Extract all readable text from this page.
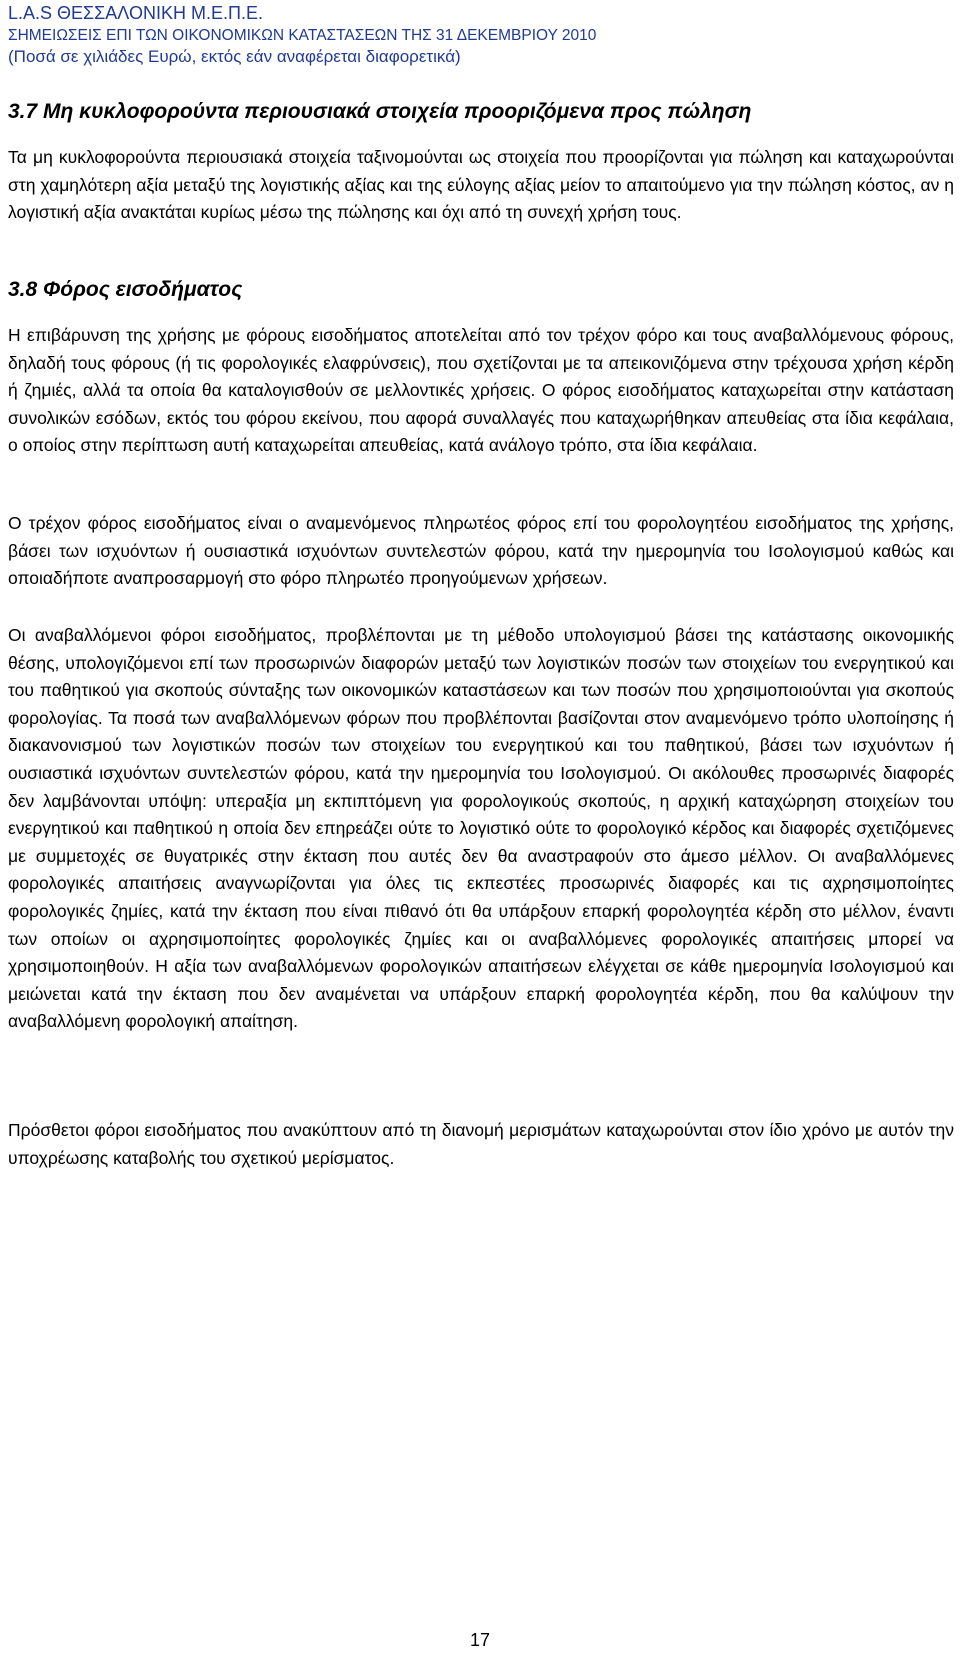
L.A.S ΘΕΣΣΑΛΟΝΙΚΗ Μ.Ε.Π.Ε.
ΣΗΜΕΙΩΣΕΙΣ ΕΠΙ ΤΩΝ ΟΙΚΟΝΟΜΙΚΩΝ ΚΑΤΑΣΤΑΣΕΩΝ ΤΗΣ 31 ΔΕΚΕΜΒΡΙΟΥ 2010
(Ποσά σε χιλιάδες Ευρώ, εκτός εάν αναφέρεται διαφορετικά)
3.7 Μη κυκλοφορούντα περιουσιακά στοιχεία προοριζόμενα προς πώληση
Τα μη κυκλοφορούντα περιουσιακά στοιχεία ταξινομούνται ως στοιχεία που προορίζονται για πώληση και καταχωρούνται στη χαμηλότερη αξία μεταξύ της λογιστικής αξίας και της εύλογης αξίας μείον το απαιτούμενο για την πώληση κόστος, αν η λογιστική αξία ανακτάται κυρίως μέσω της πώλησης και όχι από τη συνεχή χρήση τους.
3.8 Φόρος εισοδήματος
Η επιβάρυνση της χρήσης με φόρους εισοδήματος αποτελείται από τον τρέχον φόρο και τους αναβαλλόμενους φόρους, δηλαδή τους φόρους (ή τις φορολογικές ελαφρύνσεις), που σχετίζονται με τα απεικονιζόμενα στην τρέχουσα χρήση κέρδη ή ζημιές, αλλά τα οποία θα καταλογισθούν σε μελλοντικές χρήσεις. Ο φόρος εισοδήματος καταχωρείται στην κατάσταση συνολικών εσόδων, εκτός του φόρου εκείνου, που αφορά συναλλαγές που καταχωρήθηκαν απευθείας στα ίδια κεφάλαια, ο οποίος στην περίπτωση αυτή καταχωρείται απευθείας, κατά ανάλογο τρόπο, στα ίδια κεφάλαια.
Ο τρέχον φόρος εισοδήματος είναι ο αναμενόμενος πληρωτέος φόρος επί του φορολογητέου εισοδήματος της χρήσης, βάσει των ισχυόντων ή ουσιαστικά ισχυόντων συντελεστών φόρου, κατά την ημερομηνία του Ισολογισμού καθώς και οποιαδήποτε αναπροσαρμογή στο φόρο πληρωτέο προηγούμενων χρήσεων.
Οι αναβαλλόμενοι φόροι εισοδήματος, προβλέπονται με τη μέθοδο υπολογισμού βάσει της κατάστασης οικονομικής θέσης, υπολογιζόμενοι επί των προσωρινών διαφορών μεταξύ των λογιστικών ποσών των στοιχείων του ενεργητικού και του παθητικού για σκοπούς σύνταξης των οικονομικών καταστάσεων και των ποσών που χρησιμοποιούνται για σκοπούς φορολογίας. Τα ποσά των αναβαλλόμενων φόρων που προβλέπονται βασίζονται στον αναμενόμενο τρόπο υλοποίησης ή διακανονισμού των λογιστικών ποσών των στοιχείων του ενεργητικού και του παθητικού, βάσει των ισχυόντων ή ουσιαστικά ισχυόντων συντελεστών φόρου, κατά την ημερομηνία του Ισολογισμού. Οι ακόλουθες προσωρινές διαφορές δεν λαμβάνονται υπόψη: υπεραξία μη εκπιπτόμενη για φορολογικούς σκοπούς, η αρχική καταχώρηση στοιχείων του ενεργητικού και παθητικού η οποία δεν επηρεάζει ούτε το λογιστικό ούτε το φορολογικό κέρδος και διαφορές σχετιζόμενες με συμμετοχές σε θυγατρικές στην έκταση που αυτές δεν θα αναστραφούν στο άμεσο μέλλον. Οι αναβαλλόμενες φορολογικές απαιτήσεις αναγνωρίζονται για όλες τις εκπεστέες προσωρινές διαφορές και τις αχρησιμοποίητες φορολογικές ζημίες, κατά την έκταση που είναι πιθανό ότι θα υπάρξουν επαρκή φορολογητέα κέρδη στο μέλλον, έναντι των οποίων οι αχρησιμοποίητες φορολογικές ζημίες και οι αναβαλλόμενες φορολογικές απαιτήσεις μπορεί να χρησιμοποιηθούν. Η αξία των αναβαλλόμενων φορολογικών απαιτήσεων ελέγχεται σε κάθε ημερομηνία Ισολογισμού και μειώνεται κατά την έκταση που δεν αναμένεται να υπάρξουν επαρκή φορολογητέα κέρδη, που θα καλύψουν την αναβαλλόμενη φορολογική απαίτηση.
Πρόσθετοι φόροι εισοδήματος που ανακύπτουν από τη διανομή μερισμάτων καταχωρούνται στον ίδιο χρόνο με αυτόν την υποχρέωσης καταβολής του σχετικού μερίσματος.
17
